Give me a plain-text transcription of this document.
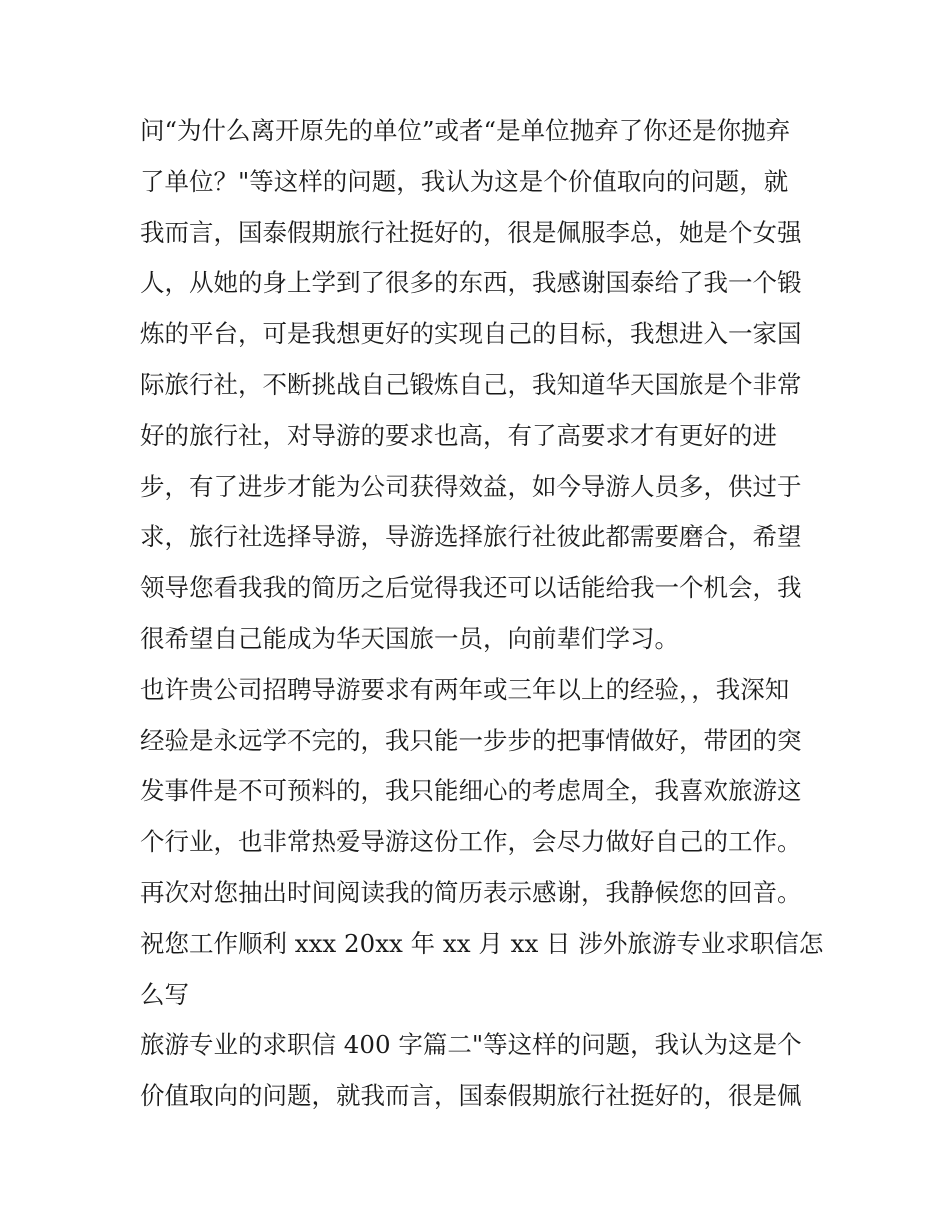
问“为什么离开原先的单位”或者“是单位抛弃了你还是你抛弃
了单位？"等这样的问题，我认为这是个价值取向的问题，就
我而言，国泰假期旅行社挺好的，很是佩服李总，她是个女强
人，从她的身上学到了很多的东西，我感谢国泰给了我一个锻
炼的平台，可是我想更好的实现自己的目标，我想进入一家国
际旅行社，不断挑战自己锻炼自己，我知道华天国旅是个非常
好的旅行社，对导游的要求也高，有了高要求才有更好的进
步，有了进步才能为公司获得效益，如今导游人员多，供过于
求，旅行社选择导游，导游选择旅行社彼此都需要磨合，希望
领导您看我我的简历之后觉得我还可以话能给我一个机会，我
很希望自己能成为华天国旅一员，向前辈们学习。
也许贵公司招聘导游要求有两年或三年以上的经验，，我深知
经验是永远学不完的，我只能一步步的把事情做好，带团的突
发事件是不可预料的，我只能细心的考虑周全，我喜欢旅游这
个行业，也非常热爱导游这份工作，会尽力做好自己的工作。
再次对您抽出时间阅读我的简历表示感谢，我静候您的回音。
祝您工作顺利 xxx 20xx 年 xx 月 xx 日 涉外旅游专业求职信怎
么写
旅游专业的求职信 400 字篇二"等这样的问题，我认为这是个
价值取向的问题，就我而言，国泰假期旅行社挺好的，很是佩
